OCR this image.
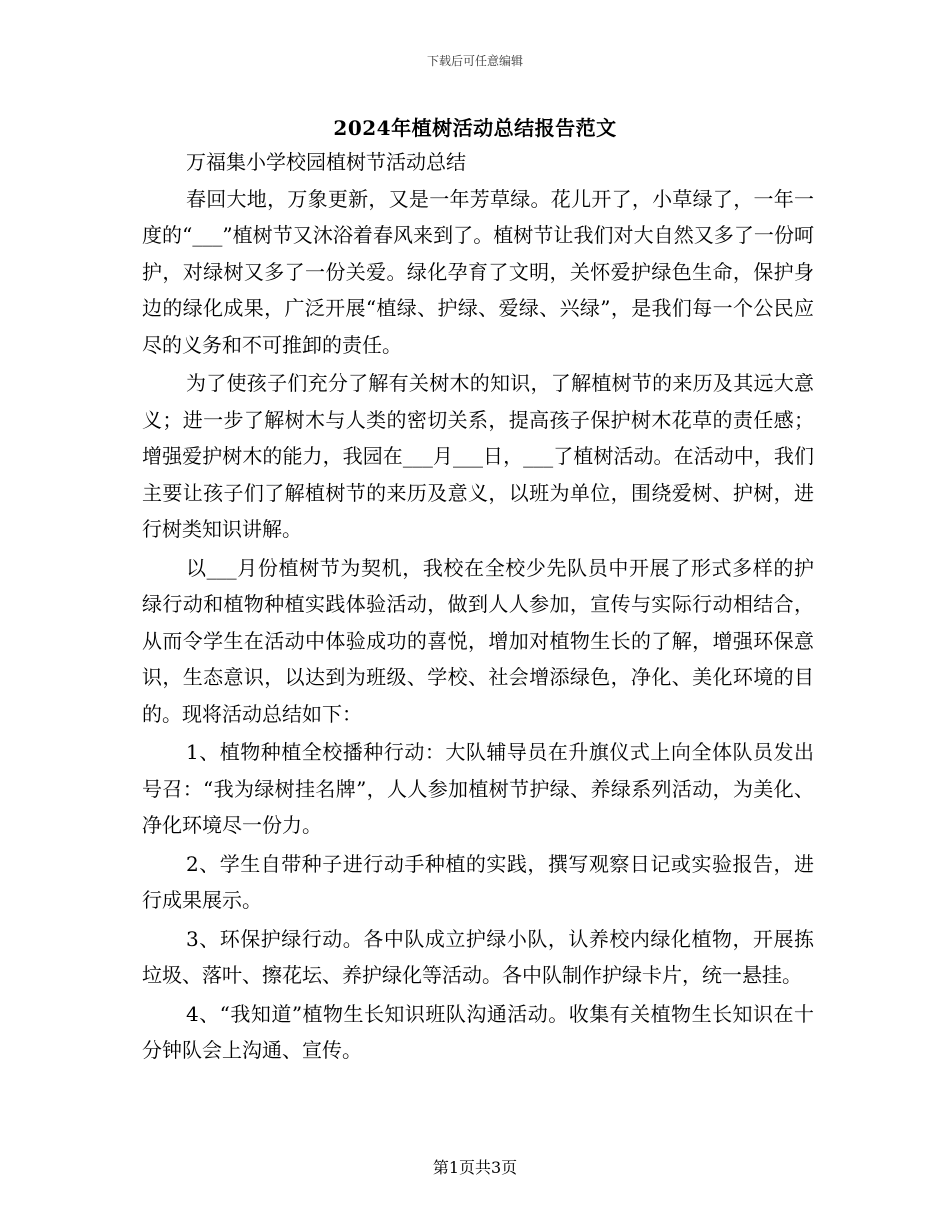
下载后可任意编辑
2024年植树活动总结报告范文

万福集小学校园植树节活动总结

春回大地，万象更新，又是一年芳草绿。花儿开了，小草绿了，一年一度的“___”植树节又沐浴着春风来到了。植树节让我们对大自然又多了一份呵护，对绿树又多了一份关爱。绿化孕育了文明，关怀爱护绿色生命，保护身边的绿化成果，广泛开展“植绿、护绿、爱绿、兴绿”，是我们每一个公民应尽的义务和不可推卸的责任。

为了使孩子们充分了解有关树木的知识，了解植树节的来历及其远大意义；进一步了解树木与人类的密切关系，提高孩子保护树木花草的责任感；增强爱护树木的能力，我园在___月___日，___了植树活动。在活动中，我们主要让孩子们了解植树节的来历及意义，以班为单位，围绕爱树、护树，进行树类知识讲解。

以___月份植树节为契机，我校在全校少先队员中开展了形式多样的护绿行动和植物种植实践体验活动，做到人人参加，宣传与实际行动相结合，从而令学生在活动中体验成功的喜悦，增加对植物生长的了解，增强环保意识，生态意识，以达到为班级、学校、社会增添绿色，净化、美化环境的目的。现将活动总结如下：

1、植物种植全校播种行动：大队辅导员在升旗仪式上向全体队员发出号召：“我为绿树挂名牌”，人人参加植树节护绿、养绿系列活动，为美化、净化环境尽一份力。

2、学生自带种子进行动手种植的实践，撰写观察日记或实验报告，进行成果展示。

3、环保护绿行动。各中队成立护绿小队，认养校内绿化植物，开展拣垃圾、落叶、擦花坛、养护绿化等活动。各中队制作护绿卡片，统一悬挂。

4、“我知道”植物生长知识班队沟通活动。收集有关植物生长知识在十分钟队会上沟通、宣传。

第1页共3页
